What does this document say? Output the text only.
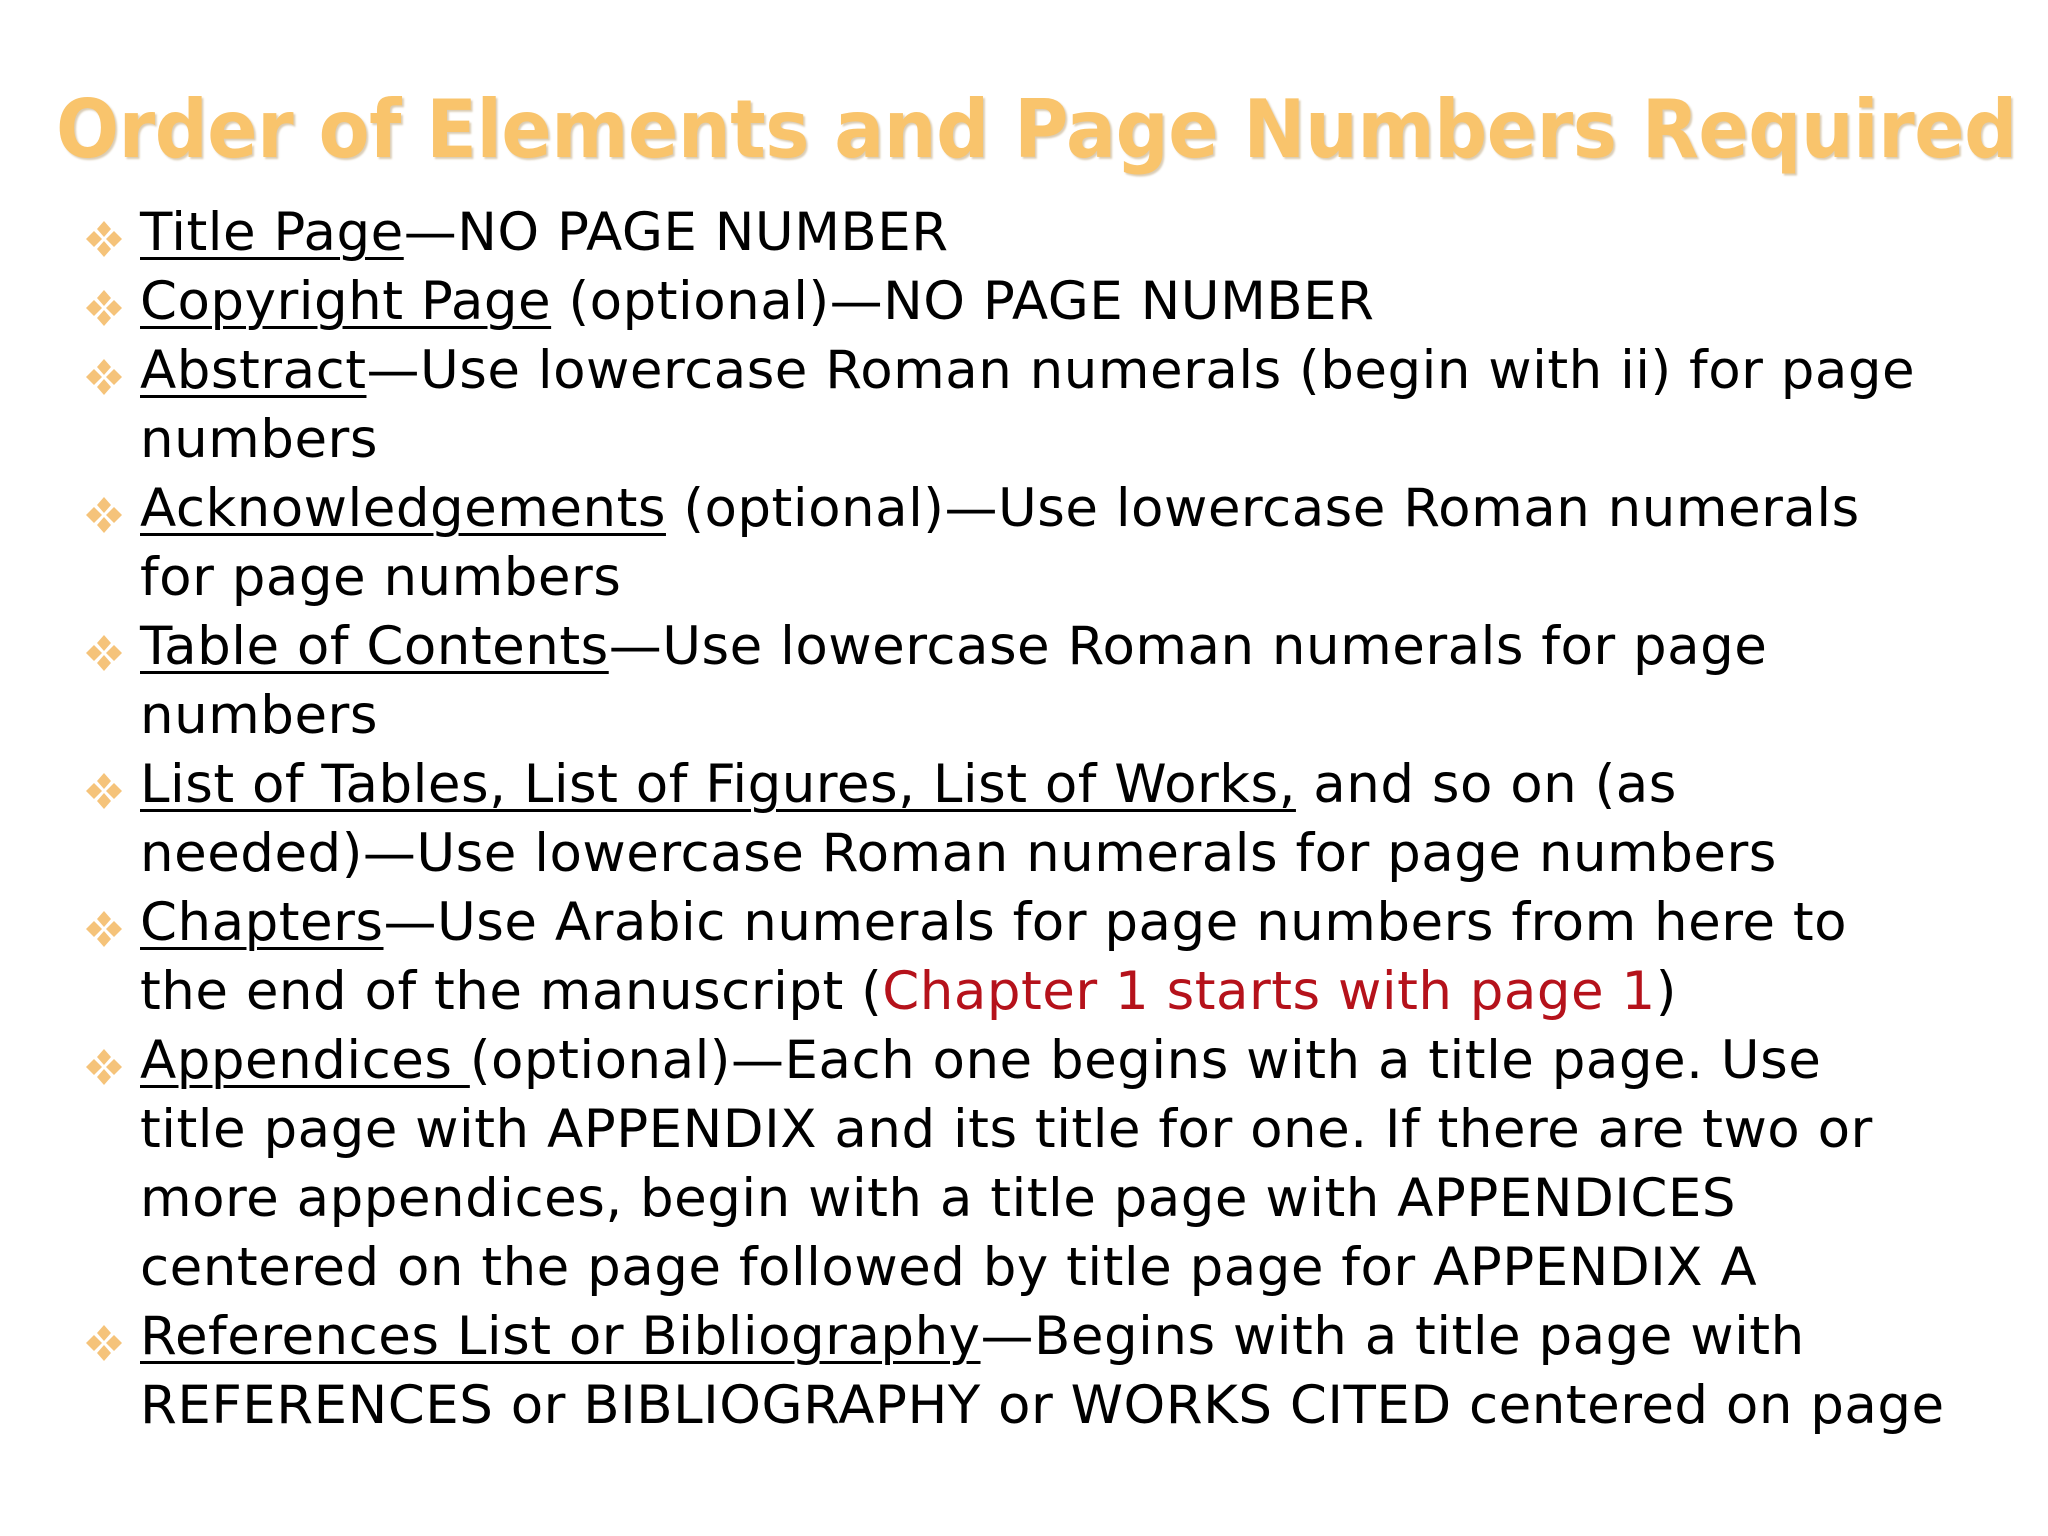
Order of Elements and Page Numbers Required
Title Page—NO PAGE NUMBER
Copyright Page (optional)—NO PAGE NUMBER
Abstract—Use lowercase Roman numerals (begin with ii) for page
numbers
Acknowledgements (optional)—Use lowercase Roman numerals
for page numbers
Table of Contents—Use lowercase Roman numerals for page
numbers
List of Tables, List of Figures, List of Works, and so on (as
needed)—Use lowercase Roman numerals for page numbers
Chapters—Use Arabic numerals for page numbers from here to
the end of the manuscript (Chapter 1 starts with page 1)
Appendices (optional)—Each one begins with a title page. Use
title page with APPENDIX and its title for one. If there are two or
more appendices, begin with a title page with APPENDICES
centered on the page followed by title page for APPENDIX A
References List or Bibliography—Begins with a title page with
REFERENCES or BIBLIOGRAPHY or WORKS CITED centered on page
